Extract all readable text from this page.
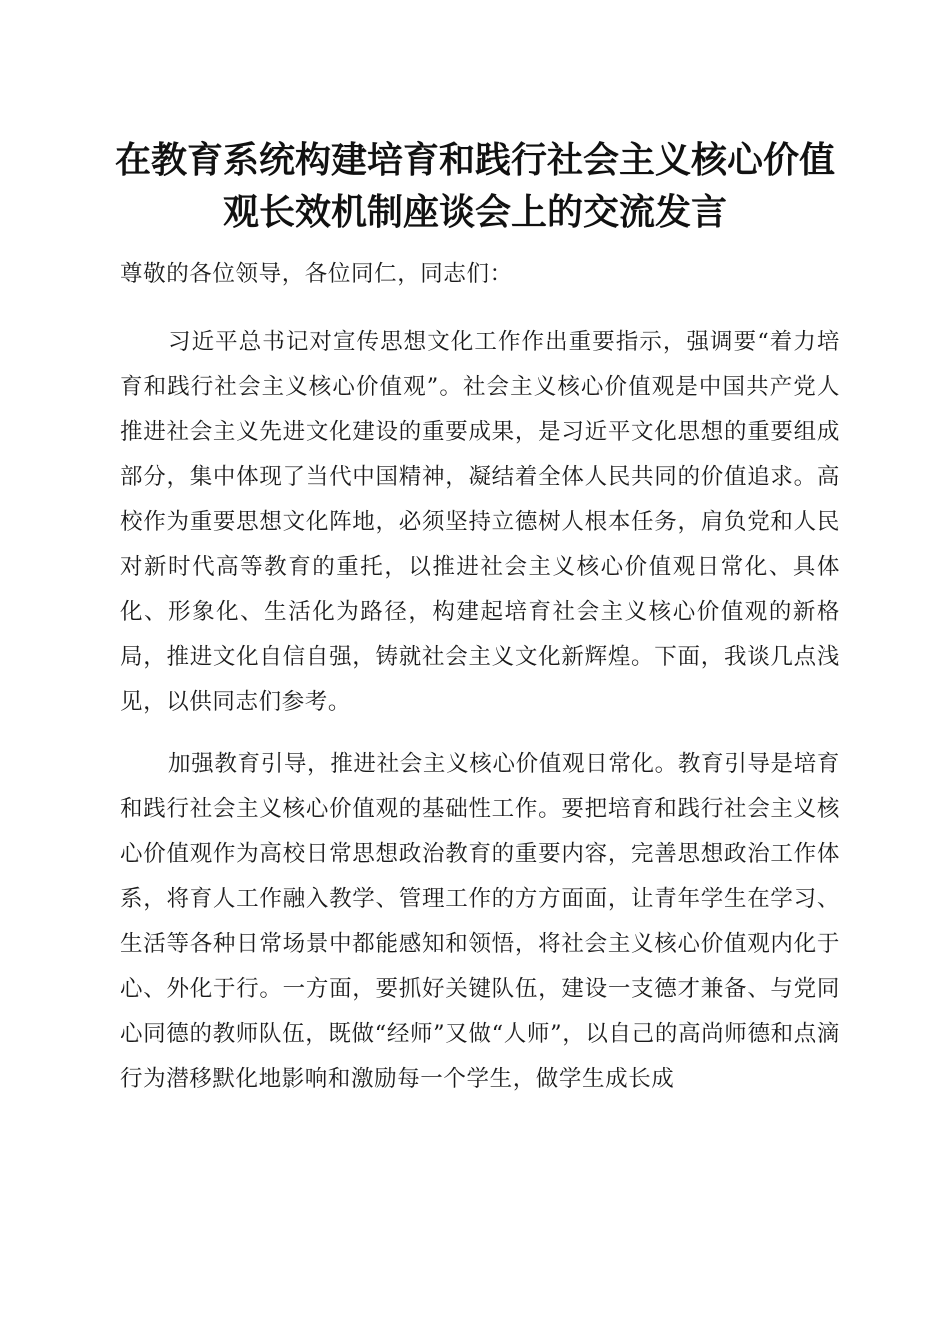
在教育系统构建培育和践行社会主义核心价值
观长效机制座谈会上的交流发言

尊敬的各位领导，各位同仁，同志们：

习近平总书记对宣传思想文化工作作出重要指示，强调要“着力培育和践行社会主义核心价值观”。社会主义核心价值观是中国共产党人推进社会主义先进文化建设的重要成果，是习近平文化思想的重要组成部分，集中体现了当代中国精神，凝结着全体人民共同的价值追求。高校作为重要思想文化阵地，必须坚持立德树人根本任务，肩负党和人民对新时代高等教育的重托，以推进社会主义核心价值观日常化、具体化、形象化、生活化为路径，构建起培育社会主义核心价值观的新格局，推进文化自信自强，铸就社会主义文化新辉煌。下面，我谈几点浅见，以供同志们参考。

加强教育引导，推进社会主义核心价值观日常化。教育引导是培育和践行社会主义核心价值观的基础性工作。要把培育和践行社会主义核心价值观作为高校日常思想政治教育的重要内容，完善思想政治工作体系，将育人工作融入教学、管理工作的方方面面，让青年学生在学习、生活等各种日常场景中都能感知和领悟，将社会主义核心价值观内化于心、外化于行。一方面，要抓好关键队伍，建设一支德才兼备、与党同心同德的教师队伍，既做“经师”又做“人师”，以自己的高尚师德和点滴行为潜移默化地影响和激励每一个学生，做学生成长成
